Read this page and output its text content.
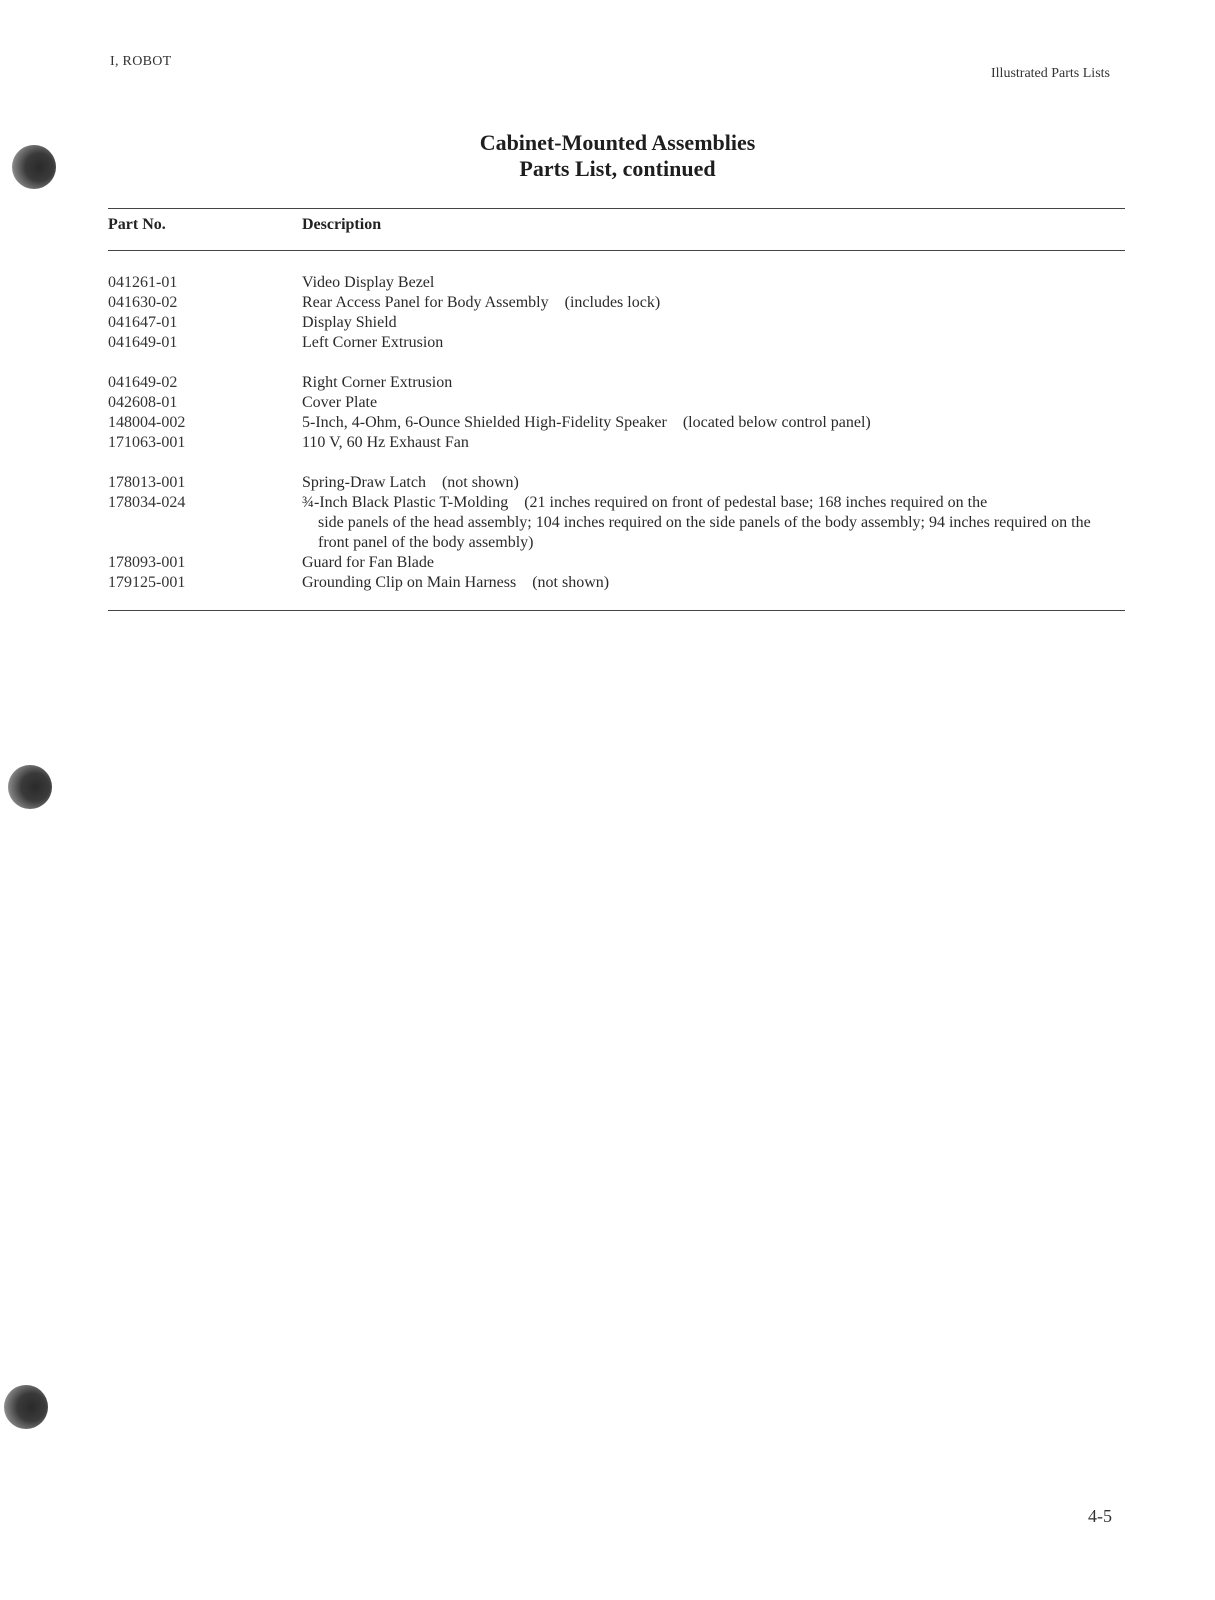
I, ROBOT
Illustrated Parts Lists
Cabinet-Mounted Assemblies
Parts List, continued
Part No.	Description
041261-01	Video Display Bezel
041630-02	Rear Access Panel for Body Assembly (includes lock)
041647-01	Display Shield
041649-01	Left Corner Extrusion
041649-02	Right Corner Extrusion
042608-01	Cover Plate
148004-002	5-Inch, 4-Ohm, 6-Ounce Shielded High-Fidelity Speaker (located below control panel)
171063-001	110 V, 60 Hz Exhaust Fan
178013-001	Spring-Draw Latch (not shown)
178034-024	¾-Inch Black Plastic T-Molding (21 inches required on front of pedestal base; 168 inches required on the
side panels of the head assembly; 104 inches required on the side panels of the body assembly; 94 inches required on the front panel of the body assembly)
178093-001	Guard for Fan Blade
179125-001	Grounding Clip on Main Harness (not shown)
4-5
